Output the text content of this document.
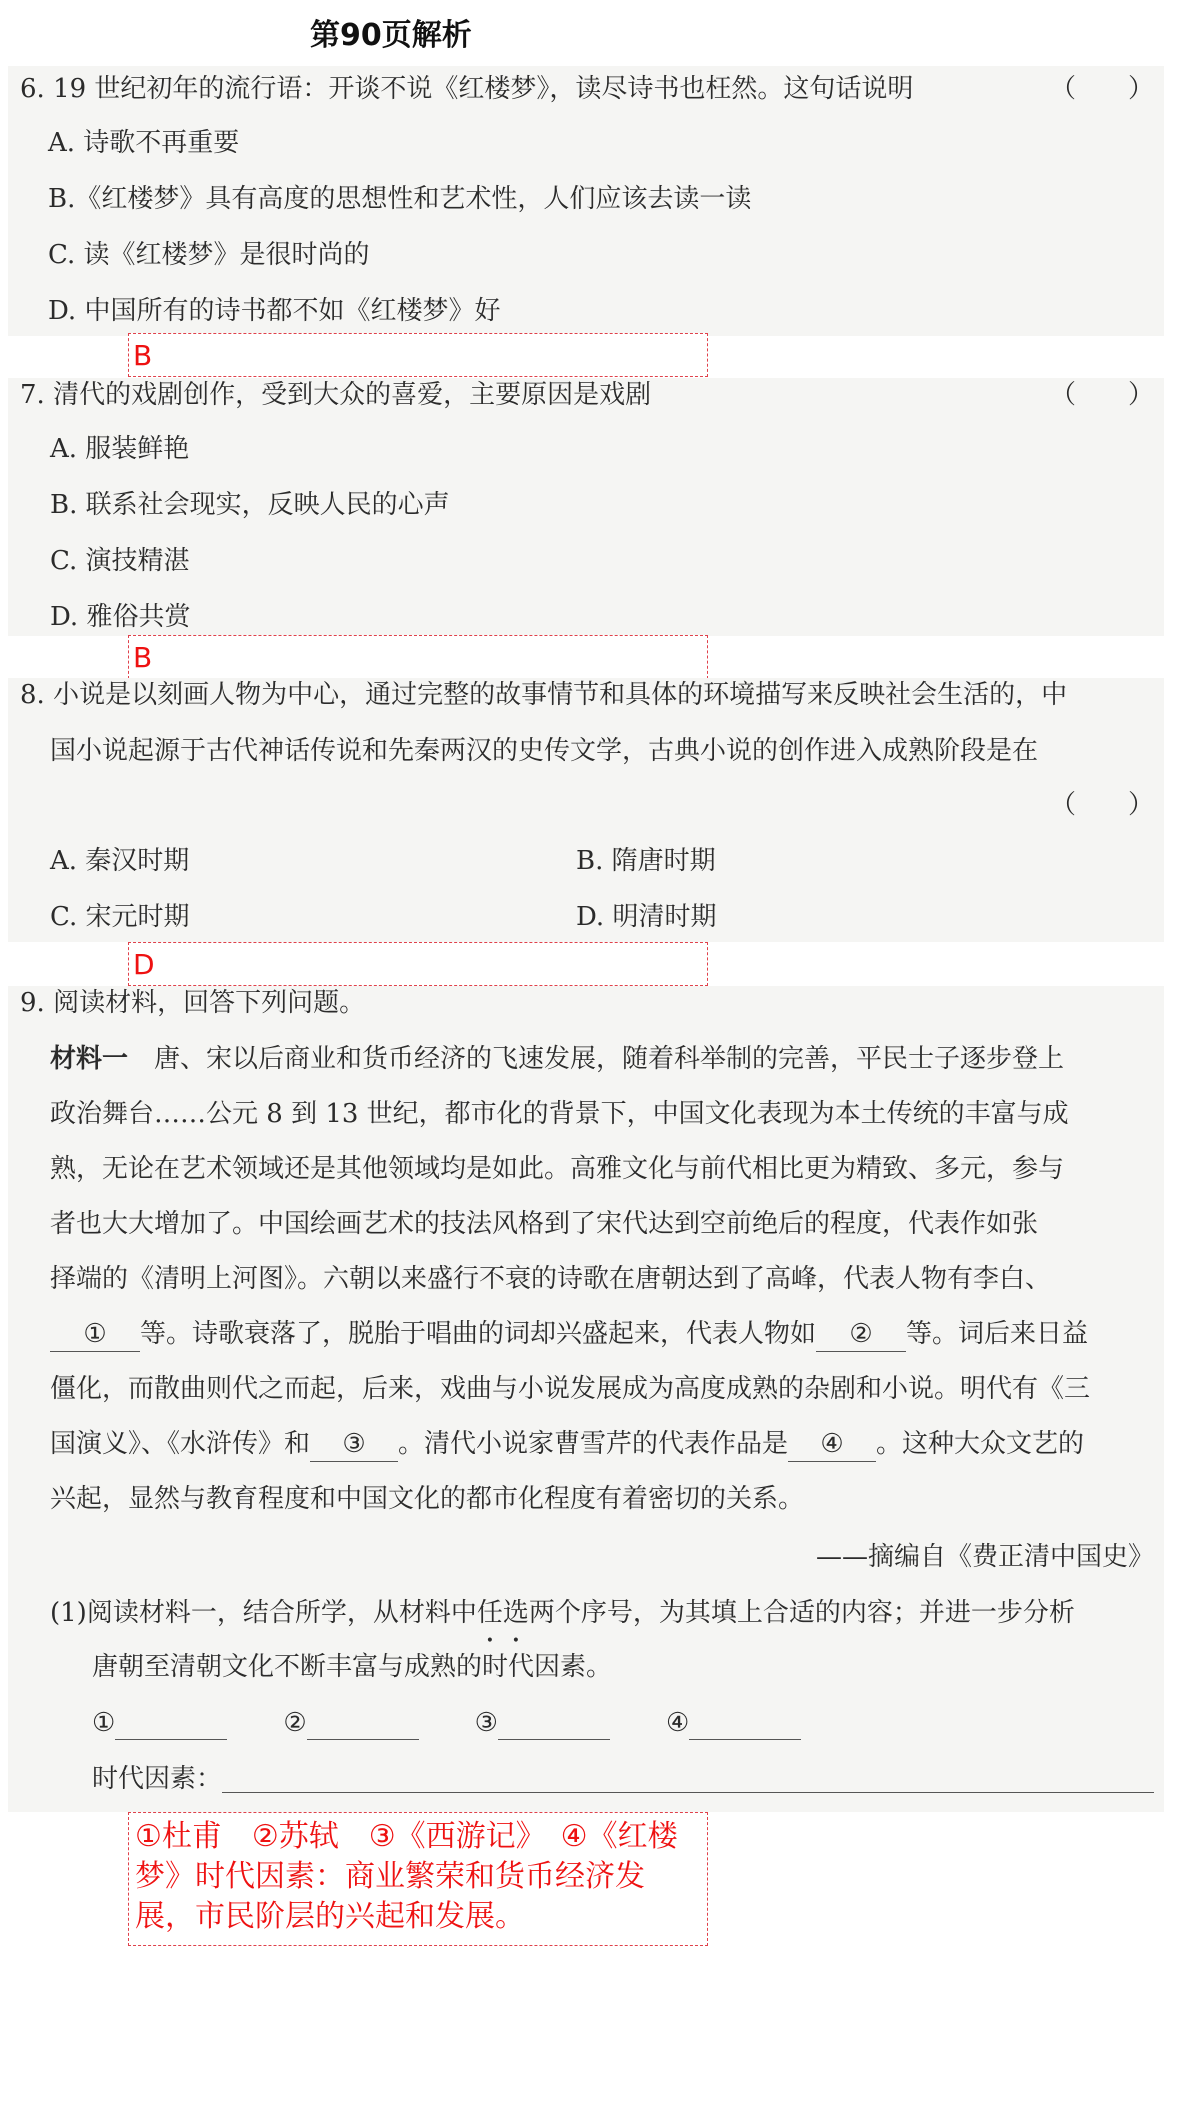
第90页解析
6. 19 世纪初年的流行语：开谈不说《红楼梦》，读尽诗书也枉然。这句话说明	（　　）
A. 诗歌不再重要
B.《红楼梦》具有高度的思想性和艺术性，人们应该去读一读
C. 读《红楼梦》是很时尚的
D. 中国所有的诗书都不如《红楼梦》好
B
7. 清代的戏剧创作，受到大众的喜爱，主要原因是戏剧	（　　）
A. 服装鲜艳
B. 联系社会现实，反映人民的心声
C. 演技精湛
D. 雅俗共赏
B
8. 小说是以刻画人物为中心，通过完整的故事情节和具体的环境描写来反映社会生活的，中
国小说起源于古代神话传说和先秦两汉的史传文学，古典小说的创作进入成熟阶段是在
（　　）
A. 秦汉时期	B. 隋唐时期
C. 宋元时期	D. 明清时期
D
9. 阅读材料，回答下列问题。
材料一 唐、宋以后商业和货币经济的飞速发展，随着科举制的完善，平民士子逐步登上
政治舞台……公元 8 到 13 世纪，都市化的背景下，中国文化表现为本土传统的丰富与成
熟，无论在艺术领域还是其他领域均是如此。高雅文化与前代相比更为精致、多元，参与
者也大大增加了。中国绘画艺术的技法风格到了宋代达到空前绝后的程度，代表作如张
择端的《清明上河图》。六朝以来盛行不衰的诗歌在唐朝达到了高峰，代表人物有李白、
① 等。诗歌衰落了，脱胎于唱曲的词却兴盛起来，代表人物如 ② 等。词后来日益
僵化，而散曲则代之而起，后来，戏曲与小说发展成为高度成熟的杂剧和小说。明代有《三
国演义》、《水浒传》和 ③ 。清代小说家曹雪芹的代表作品是 ④ 。这种大众文艺的
兴起，显然与教育程度和中国文化的都市化程度有着密切的关系。
——摘编自《费正清中国史》
(1)阅读材料一，结合所学，从材料中任选两个序号，为其填上合适的内容；并进一步分析
唐朝至清朝文化不断丰富与成熟的时代因素。
①	②	③	④
时代因素：
①杜甫　②苏轼　③《西游记》　④《红楼
梦》时代因素：商业繁荣和货币经济发
展，市民阶层的兴起和发展。
